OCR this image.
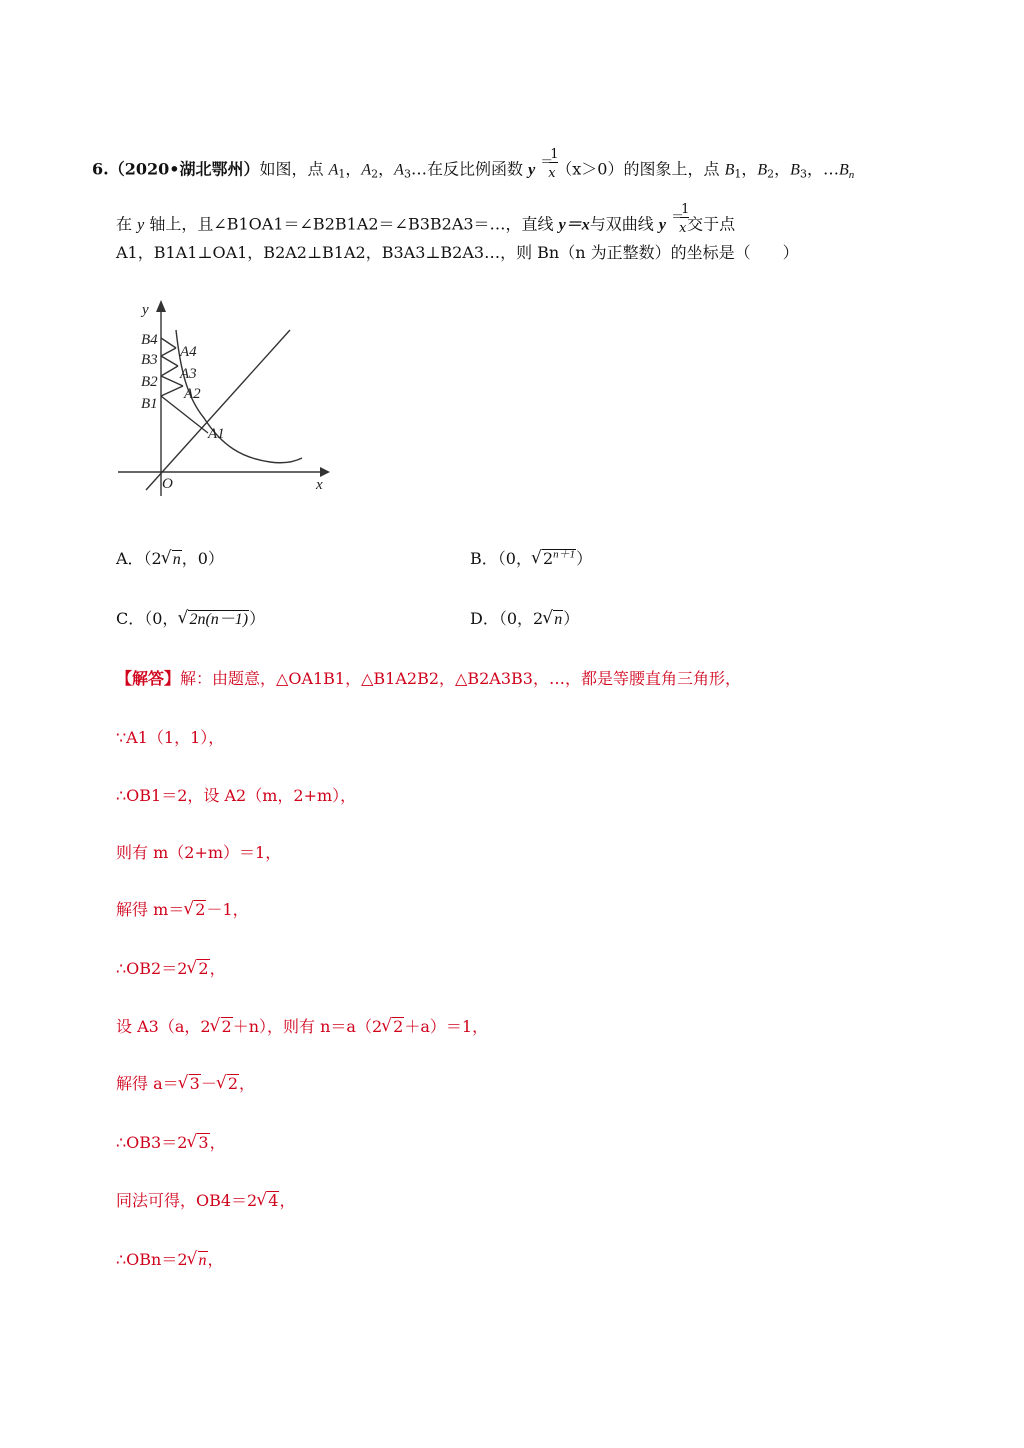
6.（2020•湖北鄂州）如图，点 $A_1$，$A_2$，$A_3\dots$在反比例函数 y ＝
1
x （x＞0）的图象上，点 $B_1$，$B_2$，$B_3$，$\dots B_n$
在 y 轴上，且∠B1OA1＝∠B2B1A2＝∠B3B2A3＝…，直线 y＝x与双曲线 y ＝
1
x 交于点
A1，B1A1⊥OA1，B2A2⊥B1A2，B3A3⊥B2A3…，则 Bn（n 为正整数）的坐标是（　　）
y
x
O
B4
B3
B2
B1
A4
A3
A2
A1
A．（2 √ n，0）	B．（0， √ $2^{n+1}$）
C．（0， √ 2n(n－1)）	D．（0，2 √ n）
【解答】解：由题意，△OA1B1，△B1A2B2，△B2A3B3，…，都是等腰直角三角形，
∵A1（1，1），
∴OB1＝2，设 A2（m，2+m），
则有 m（2+m）＝1，
解得 m＝ √ 2－1，
∴OB2＝2 √ 2，
设 A3（a，2 √ 2＋n），则有 n＝a（2 √ 2＋a）＝1，
解得 a＝ √ 3－ √ 2，
∴OB3＝2 √ 3，
同法可得，OB4＝2 √ 4，
∴OBn＝2 √ n，
